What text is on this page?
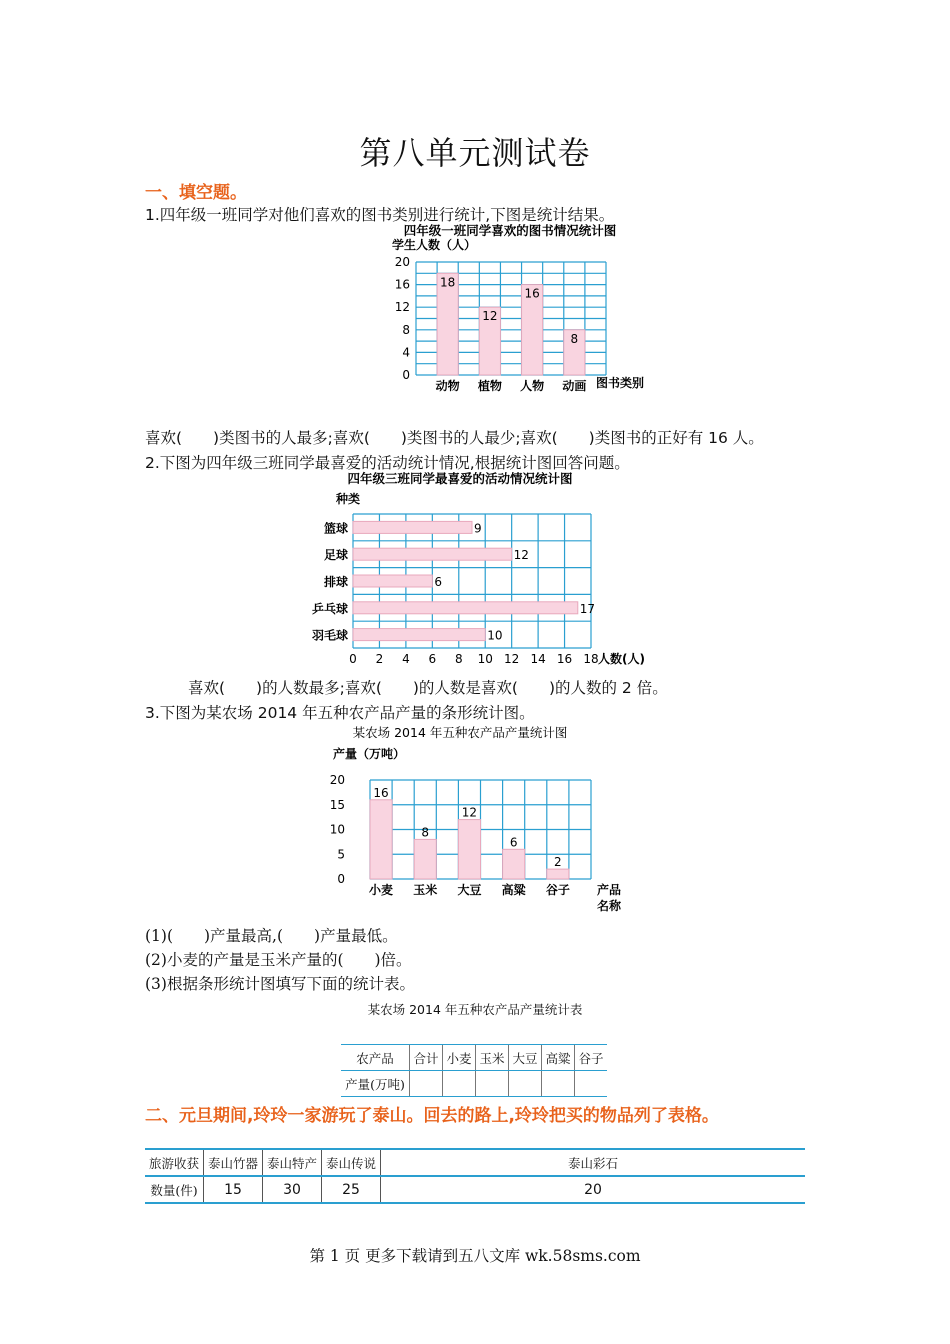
第八单元测试卷
一、填空题。
1.四年级一班同学对他们喜欢的图书类别进行统计,下图是统计结果。
四年级一班同学喜欢的图书情况统计图
学生人数（人）
0
4
8
12
16
20
18
动物
12
植物
16
人物
8
动画 图书类别
喜欢(　　)类图书的人最多;喜欢(　　)类图书的人最少;喜欢(　　)类图书的正好有 16 人。
2.下图为四年级三班同学最喜爱的活动统计情况,根据统计图回答问题。
四年级三班同学最喜爱的活动情况统计图
种类
0 2 4 6 8 10 12 14 16 18
9
篮球
12
足球
6
排球
17
乒乓球
10
羽毛球
人数(人)
喜欢(　　)的人数最多;喜欢(　　)的人数是喜欢(　　)的人数的 2 倍。
3.下图为某农场 2014 年五种农产品产量的条形统计图。
某农场 2014 年五种农产品产量统计图
产量（万吨）
0
5
10
15
20
16
小麦
8
玉米
12
大豆
6
高粱
2
谷子 产品
名称
(1)(　　)产量最高,(　　)产量最低。
(2)小麦的产量是玉米产量的(　　)倍。
(3)根据条形统计图填写下面的统计表。
某农场 2014 年五种农产品产量统计表
农产品	合计	小麦	玉米	大豆	高粱	谷子
产量(万吨)						
二、元旦期间,玲玲一家游玩了泰山。回去的路上,玲玲把买的物品列了表格。
旅游收获	泰山竹器	泰山特产	泰山传说	泰山彩石
数量(件)	15	30	25	20
第 1 页 更多下载请到五八文库 wk.58sms.com
